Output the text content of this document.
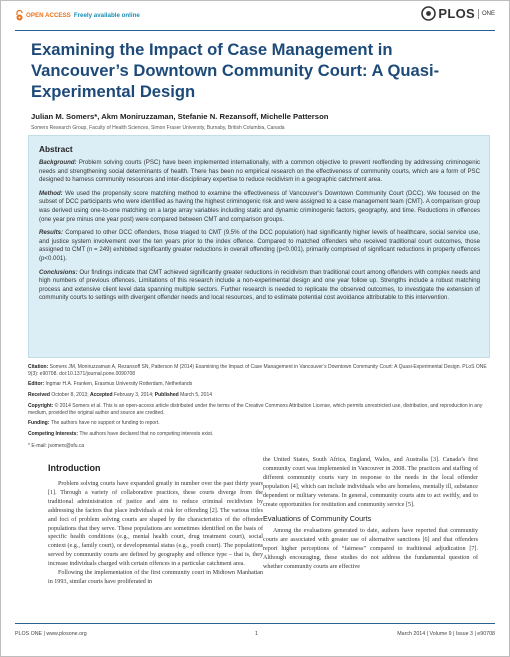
OPEN ACCESS Freely available online	PLOS ONE
Examining the Impact of Case Management in Vancouver’s Downtown Community Court: A Quasi-Experimental Design
Julian M. Somers*, Akm Moniruzzaman, Stefanie N. Rezansoff, Michelle Patterson
Somers Research Group, Faculty of Health Sciences, Simon Fraser University, Burnaby, British Columbia, Canada
Abstract

Background: Problem solving courts (PSC) have been implemented internationally, with a common objective to prevent reoffending by addressing criminogenic needs and strengthening social determinants of health. There has been no empirical research on the effectiveness of community courts, which are a form of PSC designed to harness community resources and inter-disciplinary expertise to reduce recidivism in a geographic catchment area.

Method: We used the propensity score matching method to examine the effectiveness of Vancouver’s Downtown Community Court (DCC). We focused on the subset of DCC participants who were identified as having the highest criminogenic risk and were assigned to a case management team (CMT). A comparison group was derived using one-to-one matching on a large array variables including static and dynamic criminogenic factors, geography, and time. Reductions in offences (one year pre minus one year post) were compared between CMT and comparison groups.

Results: Compared to other DCC offenders, those triaged to CMT (9.5% of the DCC population) had significantly higher levels of healthcare, social service use, and justice system involvement over the ten years prior to the index offence. Compared to matched offenders who received traditional court outcomes, those assigned to CMT (n = 249) exhibited significantly greater reductions in overall offending (p<0.001), primarily comprised of significant reductions in property offences (p<0.001).

Conclusions: Our findings indicate that CMT achieved significantly greater reductions in recidivism than traditional court among offenders with complex needs and high numbers of previous offences. Limitations of this research include a non-experimental design and one year follow up. Strengths include a robust matching process and extensive client level data spanning multiple sectors. Further research is needed to replicate the observed outcomes, to investigate the extension of community courts to settings with divergent offender needs and local resources, and to estimate potential cost avoidance attributable to this intervention.

Citation: Somers JM, Moniruzzaman A, Rezansoff SN, Patterson M (2014) Examining the Impact of Case Management in Vancouver’s Downtown Community Court: A Quasi-Experimental Design. PLoS ONE 9(3): e90708. doi:10.1371/journal.pone.0090708
Editor: Ingmar H.A. Franken, Erasmus University Rotterdam, Netherlands
Received October 8, 2013; Accepted February 3, 2014; Published March 5, 2014
Copyright: © 2014 Somers et al. This is an open-access article distributed under the terms of the Creative Commons Attribution License, which permits unrestricted use, distribution, and reproduction in any medium, provided the original author and source are credited.
Funding: The authors have no support or funding to report.
Competing Interests: The authors have declared that no competing interests exist.
* E-mail: jsomers@sfu.ca
Introduction

Problem solving courts have expanded greatly in number over the past thirty years [1]. Through a variety of collaborative practices, these courts diverge from the traditional administration of justice and aim to reduce criminal recidivism by addressing the factors that place individuals at risk for offending [2]. The various titles and foci of problem solving courts are shaped by the characteristics of the offender populations that they serve. These populations are sometimes identified on the basis of specific health conditions (e.g., mental health court, drug treatment court), social context (e.g., family court), or developmental status (e.g., youth court). The populations served by community courts are defined by geography and offence type – that is, they increase individuals charged with certain offences in a particular catchment area.

Following the implementation of the first community court in Midtown Manhattan in 1993, similar courts have proliferated in

the United States, South Africa, England, Wales, and Australia [3]. Canada’s first community court was implemented in Vancouver in 2008. The practices and staffing of different community courts vary in response to the needs in the local offender population [4], which can include individuals who are homeless, mentally ill, substance dependent or military veterans. In general, community courts aim to act swiftly, and to create opportunities for restitution and community service [5].

Evaluations of Community Courts

Among the evaluations generated to date, authors have reported that community courts are associated with greater use of alternative sanctions [6] and that offenders report higher perceptions of “fairness” compared to traditional adjudication [7]. Although encouraging, these studies do not address the fundamental question of whether community courts are effective

PLOS ONE | www.plosone.org	1	March 2014 | Volume 9 | Issue 3 | e90708
